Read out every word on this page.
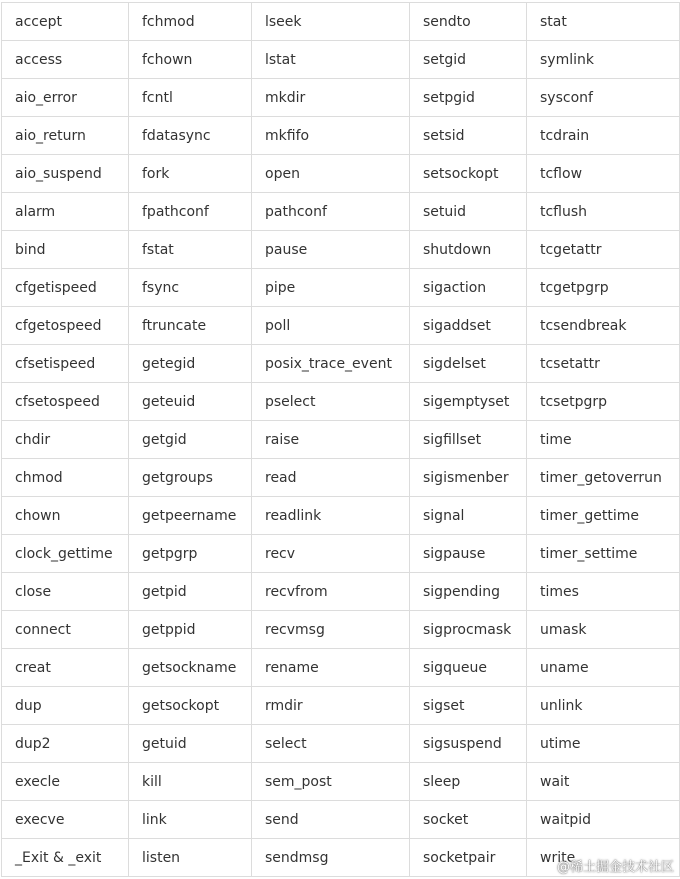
accept	fchmod	lseek	sendto	stat
access	fchown	lstat	setgid	symlink
aio_error	fcntl	mkdir	setpgid	sysconf
aio_return	fdatasync	mkfifo	setsid	tcdrain
aio_suspend	fork	open	setsockopt	tcflow
alarm	fpathconf	pathconf	setuid	tcflush
bind	fstat	pause	shutdown	tcgetattr
cfgetispeed	fsync	pipe	sigaction	tcgetpgrp
cfgetospeed	ftruncate	poll	sigaddset	tcsendbreak
cfsetispeed	getegid	posix_trace_event	sigdelset	tcsetattr
cfsetospeed	geteuid	pselect	sigemptyset	tcsetpgrp
chdir	getgid	raise	sigfillset	time
chmod	getgroups	read	sigismenber	timer_getoverrun
chown	getpeername	readlink	signal	timer_gettime
clock_gettime	getpgrp	recv	sigpause	timer_settime
close	getpid	recvfrom	sigpending	times
connect	getppid	recvmsg	sigprocmask	umask
creat	getsockname	rename	sigqueue	uname
dup	getsockopt	rmdir	sigset	unlink
dup2	getuid	select	sigsuspend	utime
execle	kill	sem_post	sleep	wait
execve	link	send	socket	waitpid
_Exit & _exit	listen	sendmsg	socketpair	write
@稀土掘金技术社区
